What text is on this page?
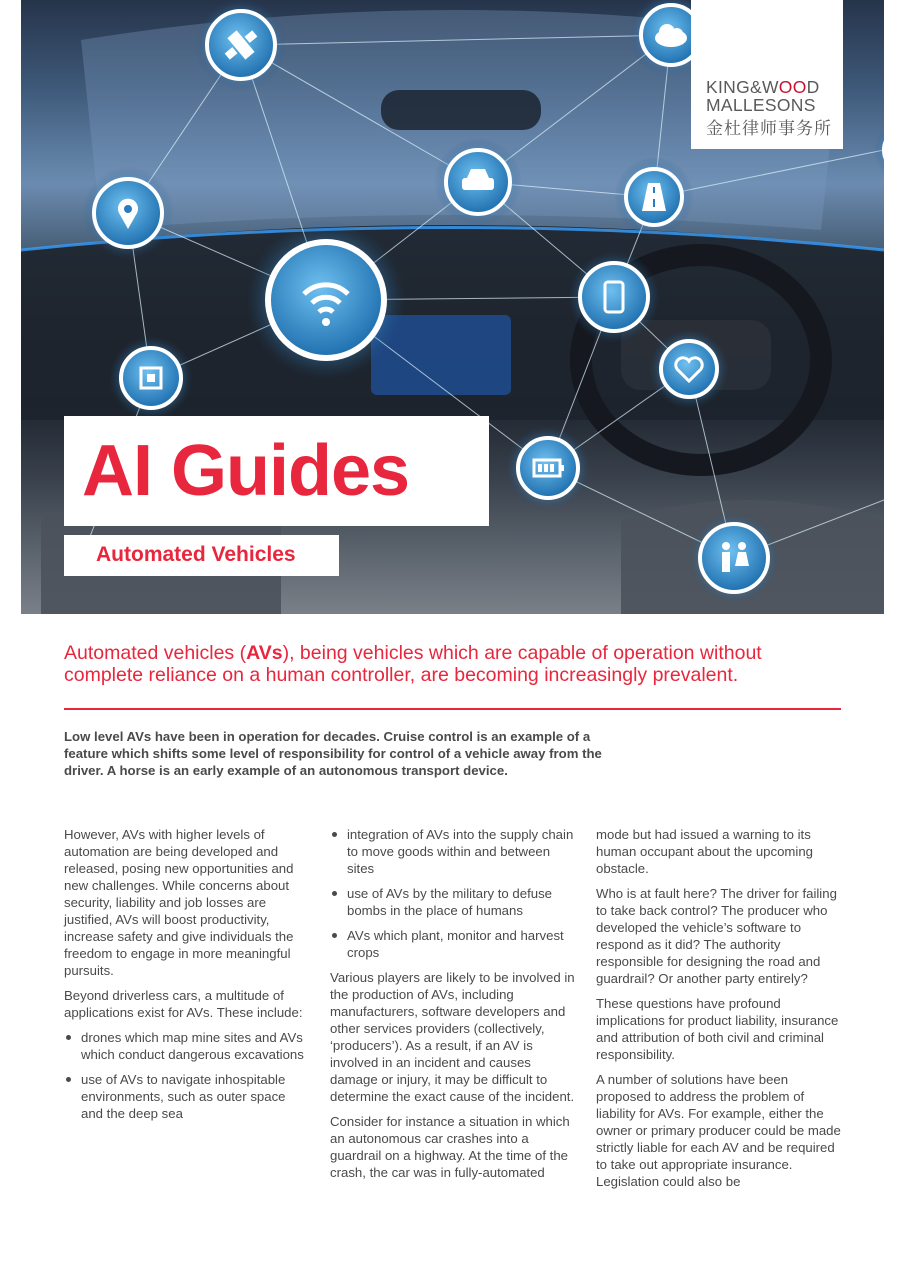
KING&WOOD
MALLESONS
金杜律师事务所
AI Guides
Automated Vehicles
Automated vehicles (AVs), being vehicles which are capable of operation without complete reliance on a human controller, are becoming increasingly prevalent.
Low level AVs have been in operation for decades. Cruise control is an example of a feature which shifts some level of responsibility for control of a vehicle away from the driver. A horse is an early example of an autonomous transport device.

However, AVs with higher levels of automation are being developed and released, posing new opportunities and new challenges. While concerns about security, liability and job losses are justified, AVs will boost productivity, increase safety and give individuals the freedom to engage in more meaningful pursuits.

Beyond driverless cars, a multitude of applications exist for AVs. These include:

drones which map mine sites and AVs which conduct dangerous excavations
use of AVs to navigate inhospitable environments, such as outer space and the deep sea
integration of AVs into the supply chain to move goods within and between sites
use of AVs by the military to defuse bombs in the place of humans
AVs which plant, monitor and harvest crops

Various players are likely to be involved in the production of AVs, including manufacturers, software developers and other services providers (collectively, ‘producers’). As a result, if an AV is involved in an incident and causes damage or injury, it may be difficult to determine the exact cause of the incident.

Consider for instance a situation in which an autonomous car crashes into a guardrail on a highway. At the time of the crash, the car was in fully-automated

mode but had issued a warning to its human occupant about the upcoming obstacle.

Who is at fault here? The driver for failing to take back control? The producer who developed the vehicle’s software to respond as it did? The authority responsible for designing the road and guardrail? Or another party entirely?

These questions have profound implications for product liability, insurance and attribution of both civil and criminal responsibility.

A number of solutions have been proposed to address the problem of liability for AVs. For example, either the owner or primary producer could be made strictly liable for each AV and be required to take out appropriate insurance. Legislation could also be
